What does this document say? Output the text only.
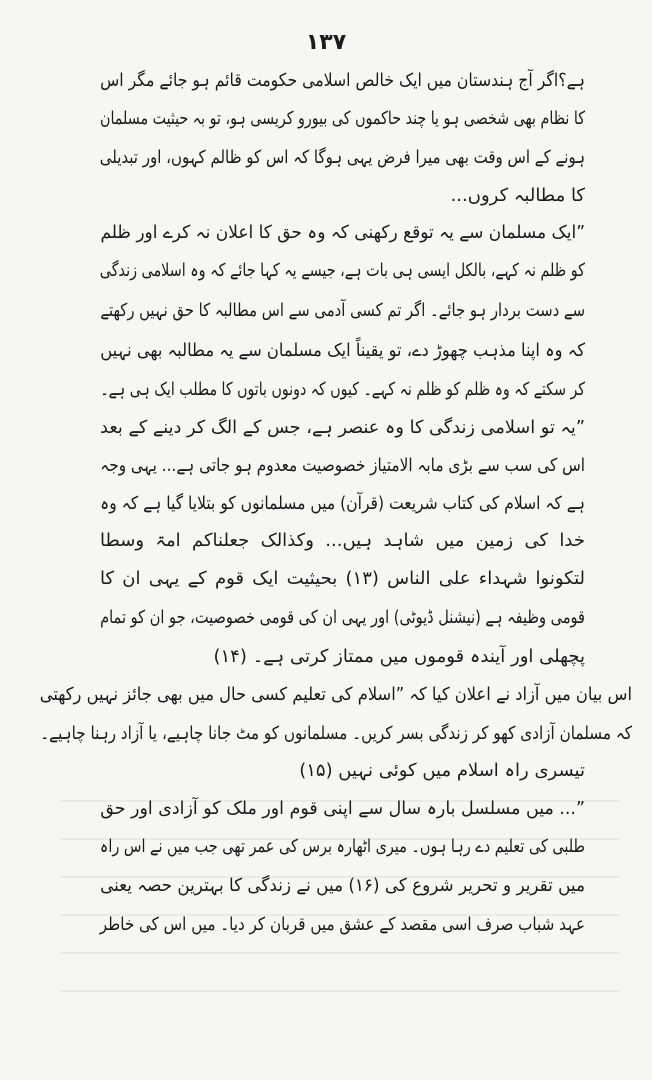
۱۳۷
ہے؟اگر آج ہندستان میں ایک خالص اسلامی حکومت قائم ہو جائے مگر اس
کا نظام بھی شخصی ہو یا چند حاکموں کی بیورو کریسی ہو، تو بہ حیثیت مسلمان
ہونے کے اس وقت بھی میرا فرض یہی ہوگا کہ اس کو ظالم کہوں، اور تبدیلی
کا مطالبہ کروں...
”ایک مسلمان سے یہ توقع رکھنی کہ وہ حق کا اعلان نہ کرے اور ظلم
کو ظلم نہ کہے، بالکل ایسی ہی بات ہے، جیسے یہ کہا جائے کہ وہ اسلامی زندگی
سے دست بردار ہو جائے۔ اگر تم کسی آدمی سے اس مطالبہ کا حق نہیں رکھتے
کہ وہ اپنا مذہب چھوڑ دے، تو یقیناً ایک مسلمان سے یہ مطالبہ بھی نہیں
کر سکتے کہ وہ ظلم کو ظلم نہ کہے۔ کیوں کہ دونوں باتوں کا مطلب ایک ہی ہے۔
”یہ تو اسلامی زندگی کا وہ عنصر ہے، جس کے الگ کر دینے کے بعد
اس کی سب سے بڑی مابہ الامتیاز خصوصیت معدوم ہو جاتی ہے... یہی وجہ
ہے کہ اسلام کی کتاب شریعت (قرآن) میں مسلمانوں کو بتلایا گیا ہے کہ وہ
خدا کی زمین میں شاہد ہیں... وکذالک جعلناکم امۃ وسطا
لتکونوا شہداء علی الناس (۱۳) بحیثیت ایک قوم کے یہی ان کا
قومی وظیفہ ہے (نیشنل ڈیوٹی) اور یہی ان کی قومی خصوصیت، جو ان کو تمام
پچھلی اور آیندہ قوموں میں ممتاز کرتی ہے۔ (۱۴)
اس بیان میں آزاد نے اعلان کیا کہ ”اسلام کی تعلیم کسی حال میں بھی جائز نہیں رکھتی
کہ مسلمان آزادی کھو کر زندگی بسر کریں۔ مسلمانوں کو مٹ جانا چاہیے، یا آزاد رہنا چاہیے۔
تیسری راہ اسلام میں کوئی نہیں (۱۵)
”... میں مسلسل بارہ سال سے اپنی قوم اور ملک کو آزادی اور حق
طلبی کی تعلیم دے رہا ہوں۔ میری اٹھارہ برس کی عمر تھی جب میں نے اس راہ
میں تقریر و تحریر شروع کی (۱۶) میں نے زندگی کا بہترین حصہ یعنی
عہد شباب صرف اسی مقصد کے عشق میں قربان کر دیا۔ میں اس کی خاطر
